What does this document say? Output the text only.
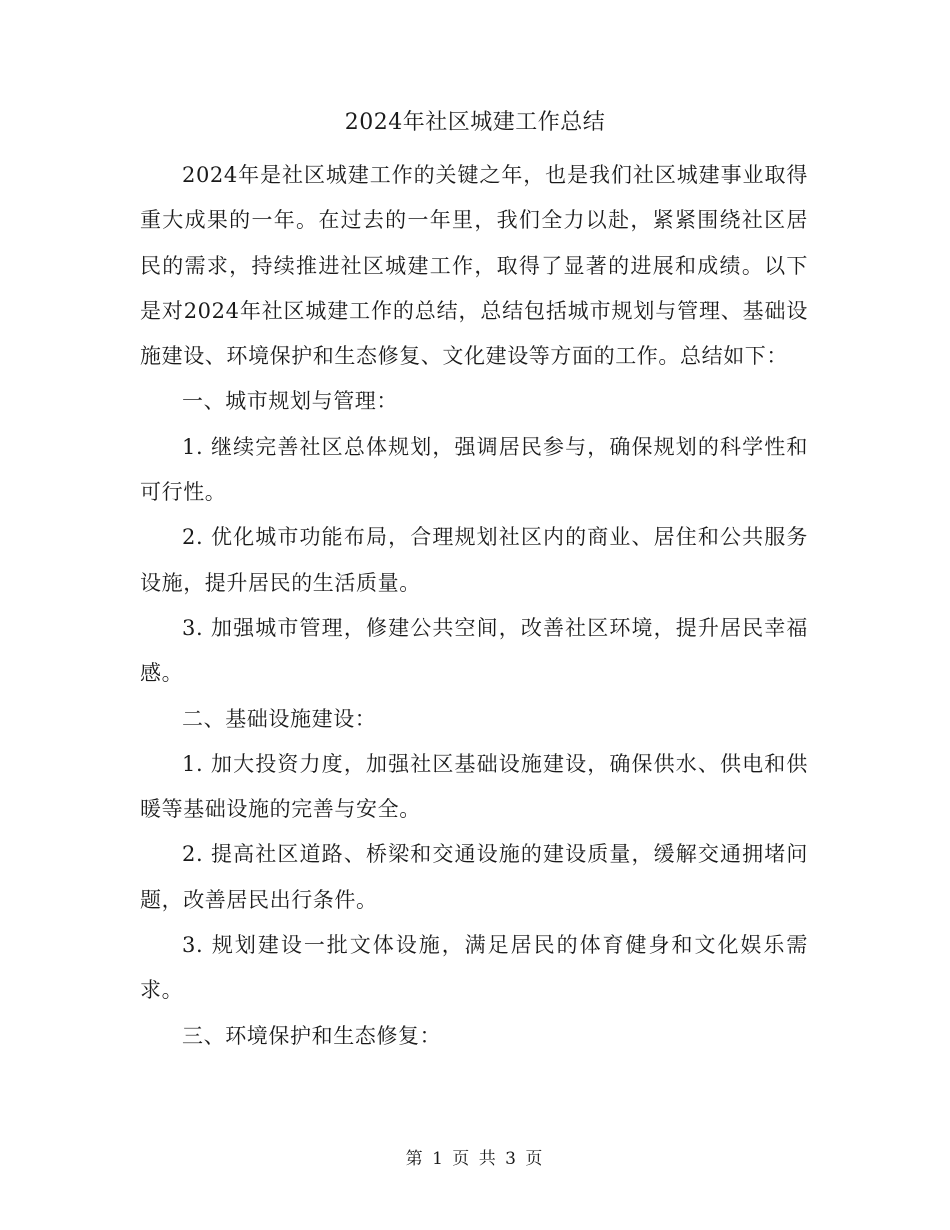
2024年社区城建工作总结

2024年是社区城建工作的关键之年，也是我们社区城建事业取得重大成果的一年。在过去的一年里，我们全力以赴，紧紧围绕社区居民的需求，持续推进社区城建工作，取得了显著的进展和成绩。以下是对2024年社区城建工作的总结，总结包括城市规划与管理、基础设施建设、环境保护和生态修复、文化建设等方面的工作。总结如下：

一、城市规划与管理：

1. 继续完善社区总体规划，强调居民参与，确保规划的科学性和可行性。

2. 优化城市功能布局，合理规划社区内的商业、居住和公共服务设施，提升居民的生活质量。

3. 加强城市管理，修建公共空间，改善社区环境，提升居民幸福感。

二、基础设施建设：

1. 加大投资力度，加强社区基础设施建设，确保供水、供电和供暖等基础设施的完善与安全。

2. 提高社区道路、桥梁和交通设施的建设质量，缓解交通拥堵问题，改善居民出行条件。

3. 规划建设一批文体设施，满足居民的体育健身和文化娱乐需求。

三、环境保护和生态修复：

第 1 页 共 3 页
